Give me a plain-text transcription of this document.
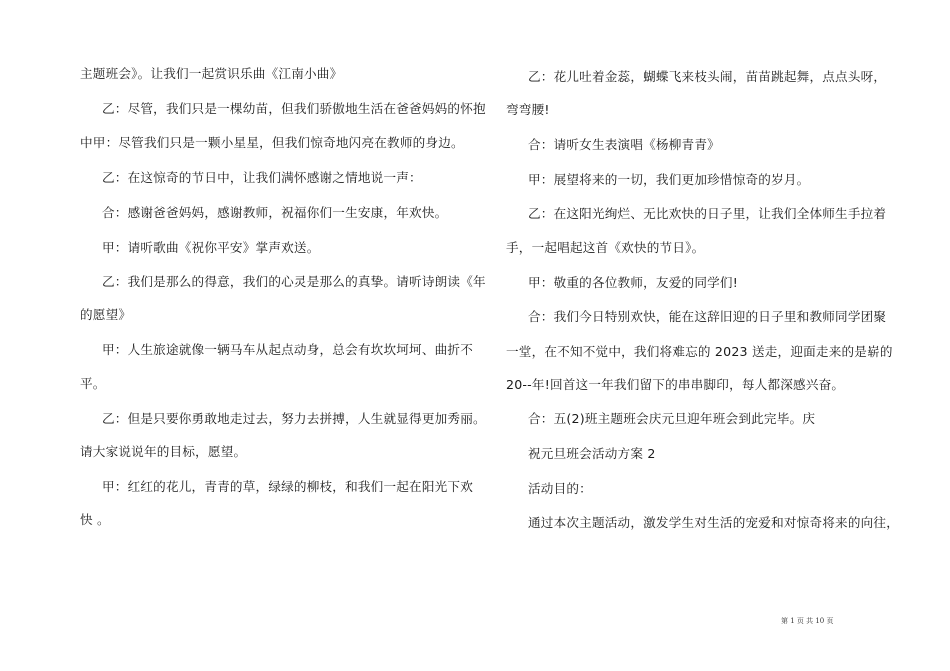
主题班会》。让我们一起赏识乐曲《江南小曲》
乙：尽管，我们只是一棵幼苗，但我们骄傲地生活在爸爸妈妈的怀抱
中甲：尽管我们只是一颗小星星，但我们惊奇地闪亮在教师的身边。
乙：在这惊奇的节日中，让我们满怀感谢之情地说一声：
合：感谢爸爸妈妈，感谢教师，祝福你们一生安康，年欢快。
甲：请听歌曲《祝你平安》掌声欢送。
乙：我们是那么的得意，我们的心灵是那么的真挚。请听诗朗读《年
的愿望》
甲：人生旅途就像一辆马车从起点动身，总会有坎坎坷坷、曲折不
平。
乙：但是只要你勇敢地走过去，努力去拼搏，人生就显得更加秀丽。
请大家说说年的目标，愿望。
甲：红红的花儿，青青的草，绿绿的柳枝，和我们一起在阳光下欢
快 。
乙：花儿吐着金蕊，蝴蝶飞来枝头闹，苗苗跳起舞，点点头呀，
弯弯腰!
合：请听女生表演唱《杨柳青青》
甲：展望将来的一切，我们更加珍惜惊奇的岁月。
乙：在这阳光绚烂、无比欢快的日子里，让我们全体师生手拉着
手，一起唱起这首《欢快的节日》。
甲：敬重的各位教师，友爱的同学们!
合：我们今日特别欢快，能在这辞旧迎的日子里和教师同学团聚
一堂，在不知不觉中，我们将难忘的 2023 送走，迎面走来的是崭的
20--年!回首这一年我们留下的串串脚印，每人都深感兴奋。
合：五(2)班主题班会庆元旦迎年班会到此完毕。庆
祝元旦班会活动方案 2
活动目的：
通过本次主题活动，激发学生对生活的宠爱和对惊奇将来的向往，
第 1 页 共 10 页
